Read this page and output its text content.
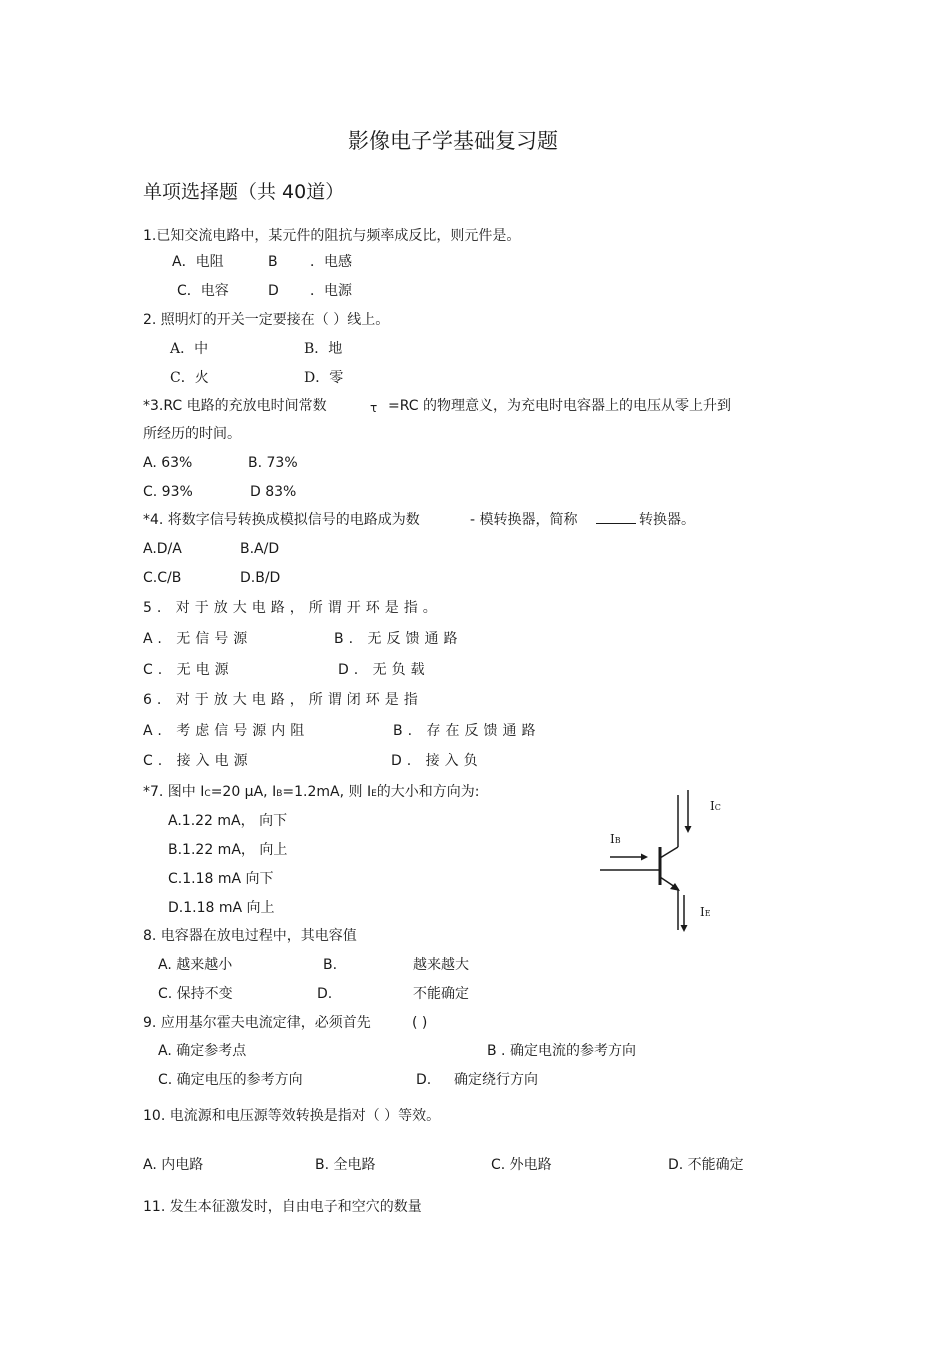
影像电子学基础复习题
单项选择题（共 40道）
1.已知交流电路中，某元件的阻抗与频率成反比，则元件是。
A．电阻	B ．电感
C．电容	D ．电源
2. 照明灯的开关一定要接在（ ）线上。
A．中	B．地
C．火	D．零
*3.RC 电路的充放电时间常数	τ =RC 的物理意义，为充电时电容器上的电压从零上升到
所经历的时间。
A. 63%	B. 73%
C. 93%	D 83%
*4. 将数字信号转换成模拟信号的电路成为数	- 模转换器，简称	转换器。
A.D/A	B.A/D
C.C/B	D.B/D
5. 对于放大电路，所谓开环是指。
A. 无信号源	B. 无反馈通路
C. 无电源	D. 无负载
6. 对于放大电路，所谓闭环是指
A. 考虑信号源内阻	B. 存在反馈通路
C. 接入电源	D. 接入负
*7. 图中 IC=20 μA, IB=1.2mA, 则 IE的大小和方向为:
A.1.22 mA， 向下
B.1.22 mA， 向上
C.1.18 mA 向下
D.1.18 mA 向上
IC
IB
IE
8. 电容器在放电过程中，其电容值
A. 越来越小	B.	越来越大
C. 保持不变	D.	不能确定
9. 应用基尔霍夫电流定律，必须首先	( )
A. 确定参考点	B . 确定电流的参考方向
C. 确定电压的参考方向	D. 确定绕行方向
10. 电流源和电压源等效转换是指对（ ）等效。
A. 内电路	B. 全电路	C. 外电路	D. 不能确定
11. 发生本征激发时，自由电子和空穴的数量
